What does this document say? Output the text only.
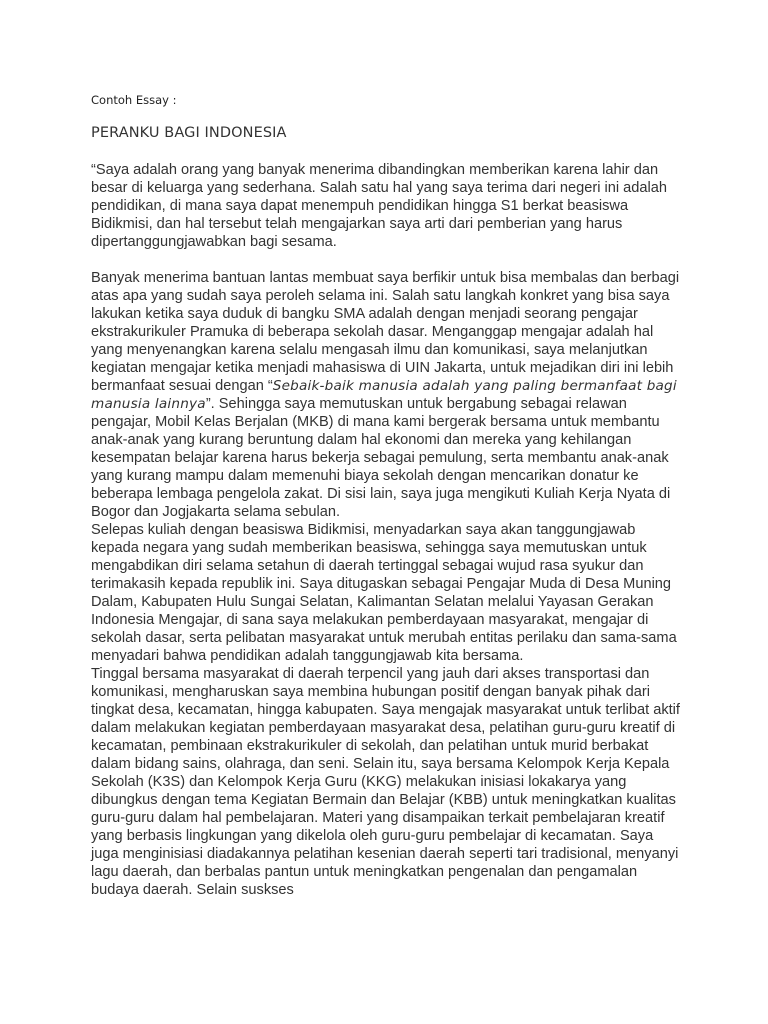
Contoh Essay :
PERANKU BAGI INDONESIA

“Saya adalah orang yang banyak menerima dibandingkan memberikan karena lahir dan besar di keluarga yang sederhana. Salah satu hal yang saya terima dari negeri ini adalah pendidikan, di mana saya dapat menempuh pendidikan hingga S1 berkat beasiswa Bidikmisi, dan hal tersebut telah mengajarkan saya arti dari pemberian yang harus dipertanggungjawabkan bagi sesama.

Banyak menerima bantuan lantas membuat saya berfikir untuk bisa membalas dan berbagi atas apa yang sudah saya peroleh selama ini. Salah satu langkah konkret yang bisa saya lakukan ketika saya duduk di bangku SMA adalah dengan menjadi seorang pengajar ekstrakurikuler Pramuka di beberapa sekolah dasar. Menganggap mengajar adalah hal yang menyenangkan karena selalu mengasah ilmu dan komunikasi, saya melanjutkan kegiatan mengajar ketika menjadi mahasiswa di UIN Jakarta, untuk mejadikan diri ini lebih bermanfaat sesuai dengan “Sebaik-baik manusia adalah yang paling bermanfaat bagi manusia lainnya”. Sehingga saya memutuskan untuk bergabung sebagai relawan pengajar, Mobil Kelas Berjalan (MKB) di mana kami bergerak bersama untuk membantu anak-anak yang kurang beruntung dalam hal ekonomi dan mereka yang kehilangan kesempatan belajar karena harus bekerja sebagai pemulung, serta membantu anak-anak yang kurang mampu dalam memenuhi biaya sekolah dengan mencarikan donatur ke beberapa lembaga pengelola zakat. Di sisi lain, saya juga mengikuti Kuliah Kerja Nyata di Bogor dan Jogjakarta selama sebulan.

Selepas kuliah dengan beasiswa Bidikmisi, menyadarkan saya akan tanggungjawab kepada negara yang sudah memberikan beasiswa, sehingga saya memutuskan untuk mengabdikan diri selama setahun di daerah tertinggal sebagai wujud rasa syukur dan terimakasih kepada republik ini. Saya ditugaskan sebagai Pengajar Muda di Desa Muning Dalam, Kabupaten Hulu Sungai Selatan, Kalimantan Selatan melalui Yayasan Gerakan Indonesia Mengajar, di sana saya melakukan pemberdayaan masyarakat, mengajar di sekolah dasar, serta pelibatan masyarakat untuk merubah entitas perilaku dan sama-sama menyadari bahwa pendidikan adalah tanggungjawab kita bersama.

Tinggal bersama masyarakat di daerah terpencil yang jauh dari akses transportasi dan komunikasi, mengharuskan saya membina hubungan positif dengan banyak pihak dari tingkat desa, kecamatan, hingga kabupaten. Saya mengajak masyarakat untuk terlibat aktif dalam melakukan kegiatan pemberdayaan masyarakat desa, pelatihan guru-guru kreatif di kecamatan, pembinaan ekstrakurikuler di sekolah, dan pelatihan untuk murid berbakat dalam bidang sains, olahraga, dan seni. Selain itu, saya bersama Kelompok Kerja Kepala Sekolah (K3S) dan Kelompok Kerja Guru (KKG) melakukan inisiasi lokakarya yang dibungkus dengan tema Kegiatan Bermain dan Belajar (KBB) untuk meningkatkan kualitas guru-guru dalam hal pembelajaran. Materi yang disampaikan terkait pembelajaran kreatif yang berbasis lingkungan yang dikelola oleh guru-guru pembelajar di kecamatan. Saya juga menginisiasi diadakannya pelatihan kesenian daerah seperti tari tradisional, menyanyi lagu daerah, dan berbalas pantun untuk meningkatkan pengenalan dan pengamalan budaya daerah. Selain suskses
